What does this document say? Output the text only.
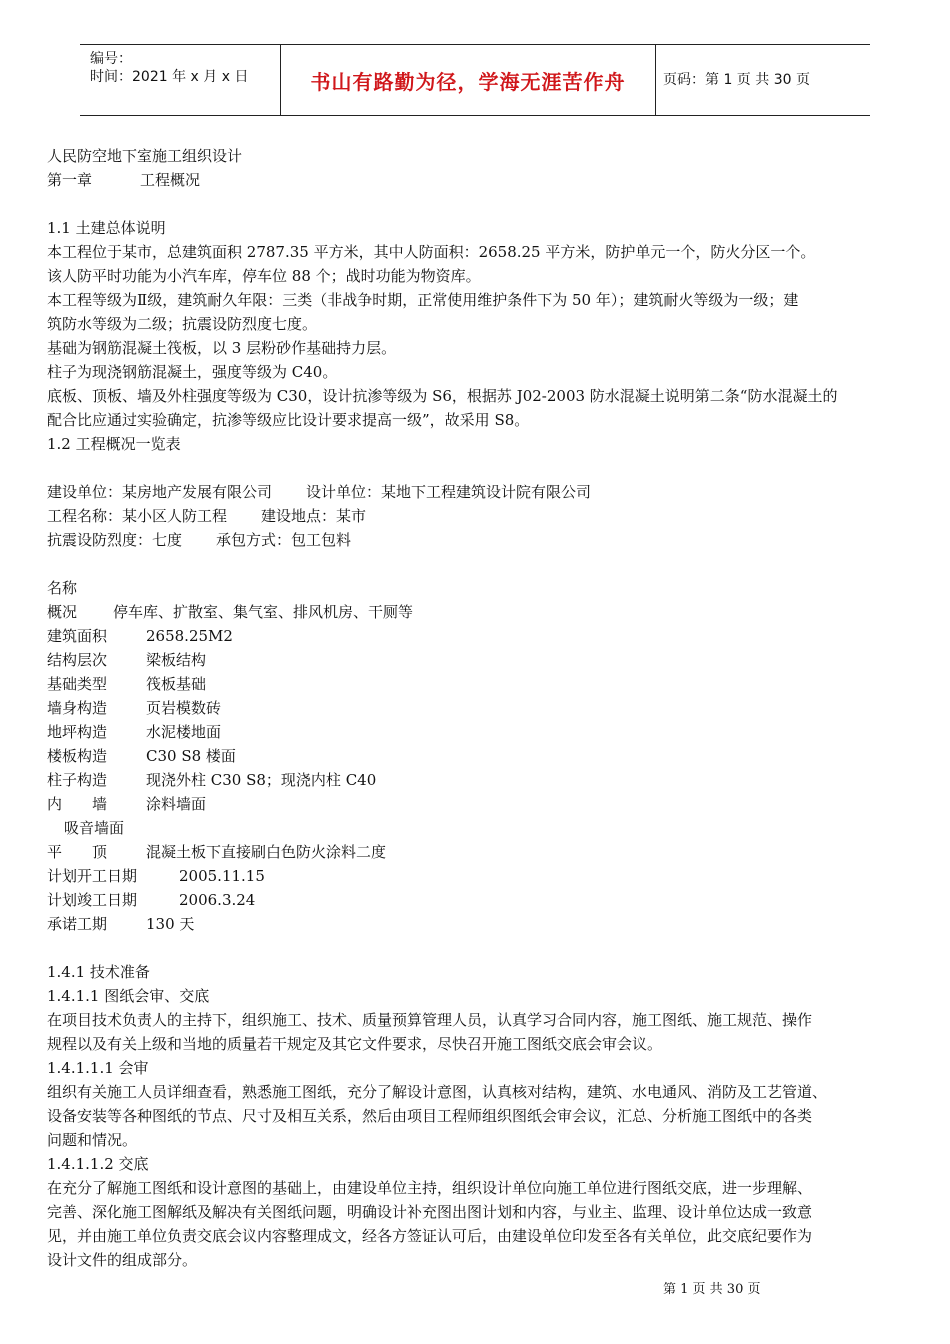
编号：
时间：2021 年 x 月 x 日	书山有路勤为径，学海无涯苦作舟	页码：第 1 页 共 30 页

人民防空地下室施工组织设计

第一章	工程概况

1.1 土建总体说明

本工程位于某市，总建筑面积 2787.35 平方米，其中人防面积：2658.25 平方米，防护单元一个，防火分区一个。

该人防平时功能为小汽车库，停车位 88 个；战时功能为物资库。

本工程等级为Ⅱ级，建筑耐久年限：三类（非战争时期，正常使用维护条件下为 50 年）；建筑耐火等级为一级；建

筑防水等级为二级；抗震设防烈度七度。

基础为钢筋混凝土筏板，以 3 层粉砂作基础持力层。

柱子为现浇钢筋混凝土，强度等级为 C40。

底板、顶板、墙及外柱强度等级为 C30，设计抗渗等级为 S6，根据苏 J02-2003 防水混凝土说明第二条“防水混凝土的

配合比应通过实验确定，抗渗等级应比设计要求提高一级”，故采用 S8。

1.2 工程概况一览表

建设单位：某房地产发展有限公司 设计单位：某地下工程建筑设计院有限公司

工程名称：某小区人防工程 建设地点：某市

抗震设防烈度：七度 承包方式：包工包料

名称

概况 停车库、扩散室、集气室、排风机房、干厕等

建筑面积	2658.25M2

结构层次	梁板结构

基础类型	筏板基础

墙身构造	页岩模数砖

地坪构造	水泥楼地面

楼板构造	C30 S8 楼面

柱子构造	现浇外柱 C30 S8；现浇内柱 C40

内　　墙	涂料墙面

吸音墙面

平　　顶	混凝土板下直接刷白色防火涂料二度

计划开工日期	2005.11.15

计划竣工日期	2006.3.24

承诺工期	130 天

1.4.1 技术准备

1.4.1.1 图纸会审、交底

在项目技术负责人的主持下，组织施工、技术、质量预算管理人员，认真学习合同内容，施工图纸、施工规范、操作

规程以及有关上级和当地的质量若干规定及其它文件要求，尽快召开施工图纸交底会审会议。

1.4.1.1.1 会审

组织有关施工人员详细查看，熟悉施工图纸，充分了解设计意图，认真核对结构，建筑、水电通风、消防及工艺管道、

设备安装等各种图纸的节点、尺寸及相互关系，然后由项目工程师组织图纸会审会议，汇总、分析施工图纸中的各类

问题和情况。

1.4.1.1.2 交底

在充分了解施工图纸和设计意图的基础上，由建设单位主持，组织设计单位向施工单位进行图纸交底，进一步理解、

完善、深化施工图解纸及解决有关图纸问题，明确设计补充图出图计划和内容，与业主、监理、设计单位达成一致意

见，并由施工单位负责交底会议内容整理成文，经各方签证认可后，由建设单位印发至各有关单位，此交底纪要作为

设计文件的组成部分。

第 1 页 共 30 页
